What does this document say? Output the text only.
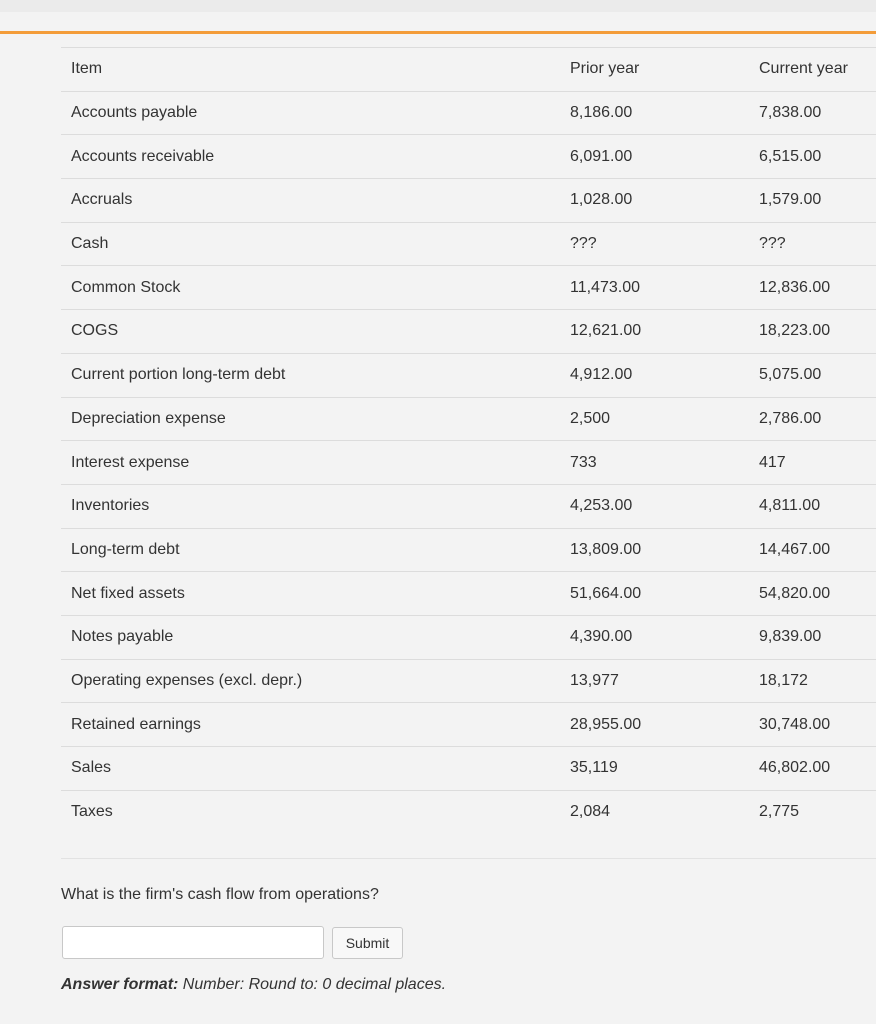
Item	Prior year	Current year
Accounts payable	8,186.00	7,838.00
Accounts receivable	6,091.00	6,515.00
Accruals	1,028.00	1,579.00
Cash	???	???
Common Stock	11,473.00	12,836.00
COGS	12,621.00	18,223.00
Current portion long-term debt	4,912.00	5,075.00
Depreciation expense	2,500	2,786.00
Interest expense	733	417
Inventories	4,253.00	4,811.00
Long-term debt	13,809.00	14,467.00
Net fixed assets	51,664.00	54,820.00
Notes payable	4,390.00	9,839.00
Operating expenses (excl. depr.)	13,977	18,172
Retained earnings	28,955.00	30,748.00
Sales	35,119	46,802.00
Taxes	2,084	2,775
What is the firm's cash flow from operations?
Submit
Answer format: Number: Round to: 0 decimal places.
